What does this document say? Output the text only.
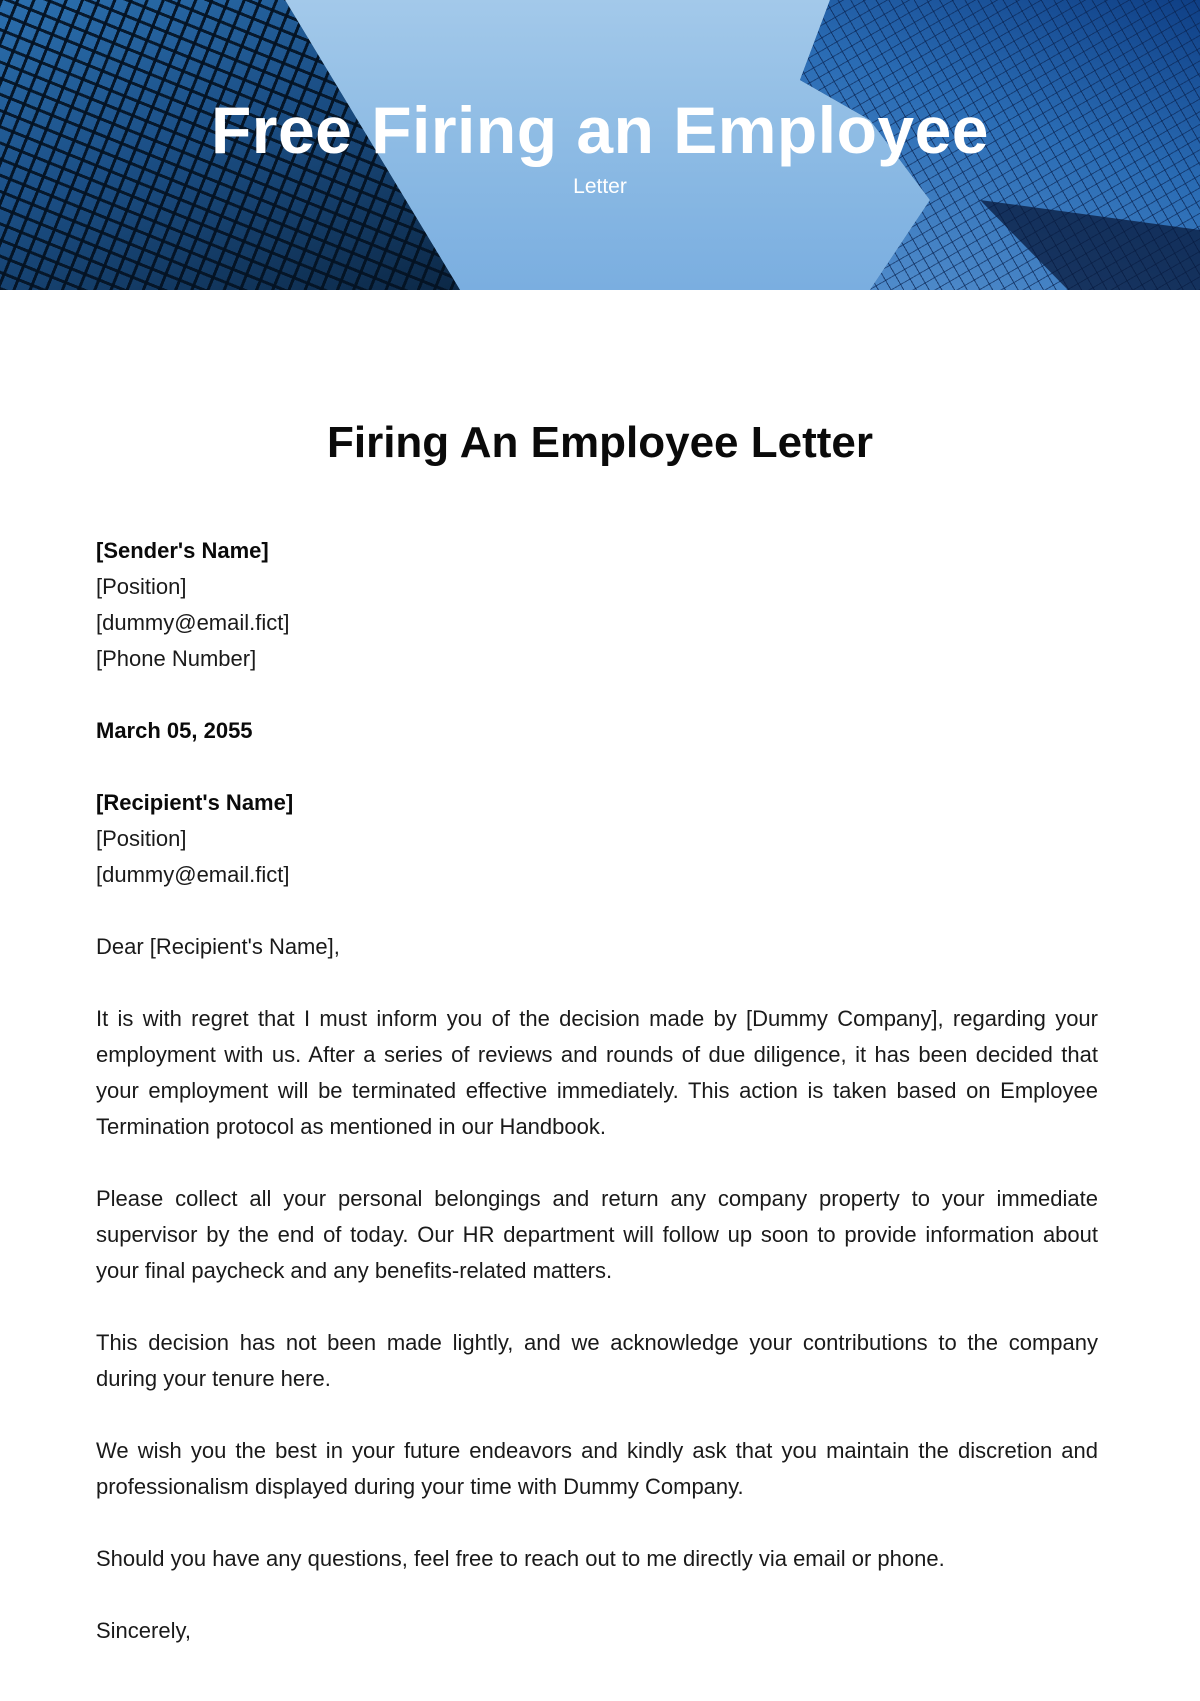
Free Firing an Employee
Letter
Firing An Employee Letter
[Sender's Name]
[Position]
[dummy@email.fict]
[Phone Number]
March 05, 2055
[Recipient's Name]
[Position]
[dummy@email.fict]
Dear [Recipient's Name],

It is with regret that I must inform you of the decision made by [Dummy Company], regarding your employment with us. After a series of reviews and rounds of due diligence, it has been decided that your employment will be terminated effective immediately. This action is taken based on Employee Termination protocol as mentioned in our Handbook.

Please collect all your personal belongings and return any company property to your immediate supervisor by the end of today. Our HR department will follow up soon to provide information about your final paycheck and any benefits-related matters.

This decision has not been made lightly, and we acknowledge your contributions to the company during your tenure here.

We wish you the best in your future endeavors and kindly ask that you maintain the discretion and professionalism displayed during your time with Dummy Company.

Should you have any questions, feel free to reach out to me directly via email or phone.

Sincerely,
